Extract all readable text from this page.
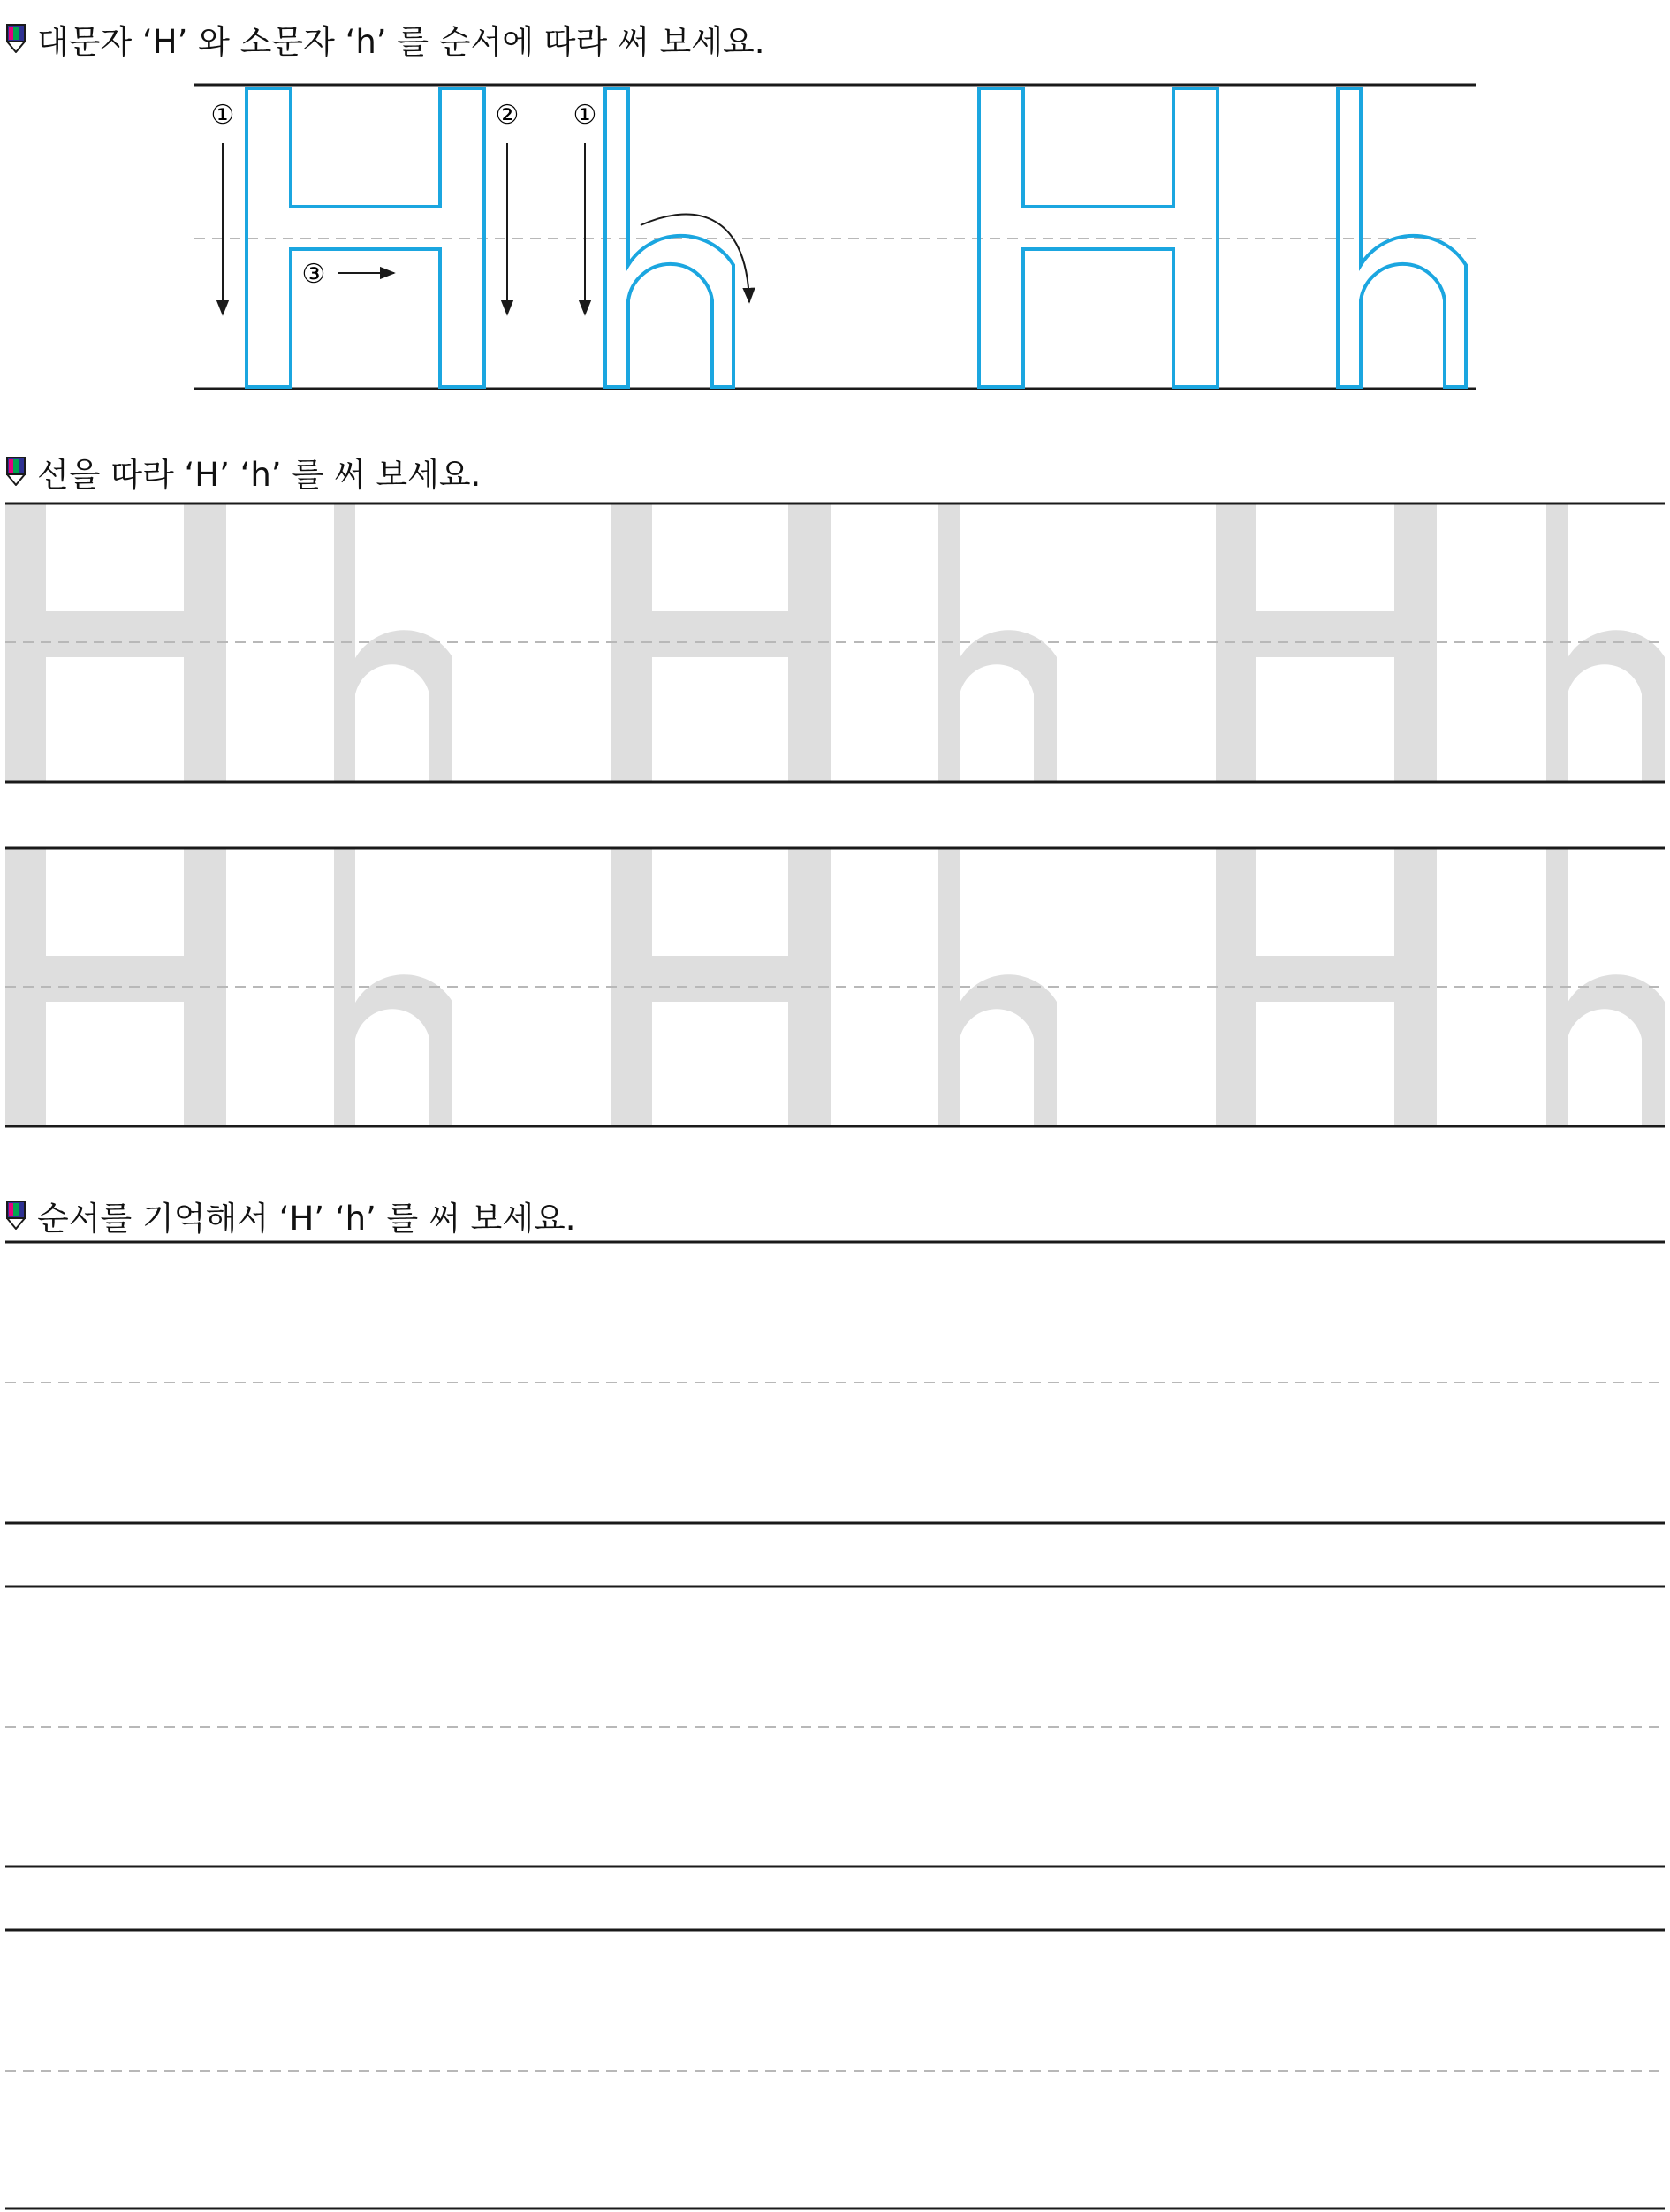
대문자 ‘H’ 와 소문자 ‘h’ 를 순서에 따라 써 보세요.
선을 따라 ‘H’ ‘h’ 를 써 보세요.
순서를 기억해서 ‘H’ ‘h’ 를 써 보세요.
①	②
③
①
